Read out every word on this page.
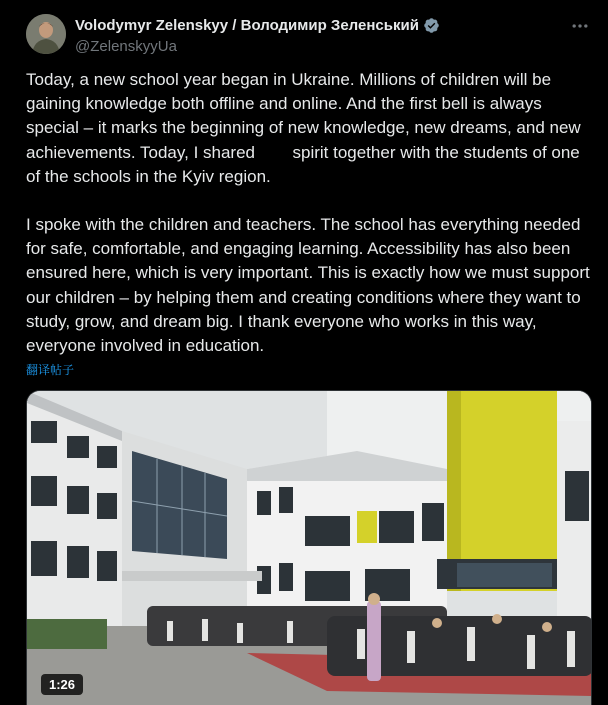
Volodymyr Zelenskyy / Володимир Зеленський
@ZelenskyyUa

Today, a new school year began in Ukraine. Millions of children will be gaining knowledge both offline and online. And the first bell is always special – it marks the beginning of new knowledge, new dreams, and new achievements. Today, I shared spirit together with the students of one of the schools in the Kyiv region.

I spoke with the children and teachers. The school has everything needed for safe, comfortable, and engaging learning. Accessibility has also been ensured here, which is very important. This is exactly how we must support our children – by helping them and creating conditions where they want to study, grow, and dream big. I thank everyone who works in this way, everyone involved in education.

翻译帖子
1:26
